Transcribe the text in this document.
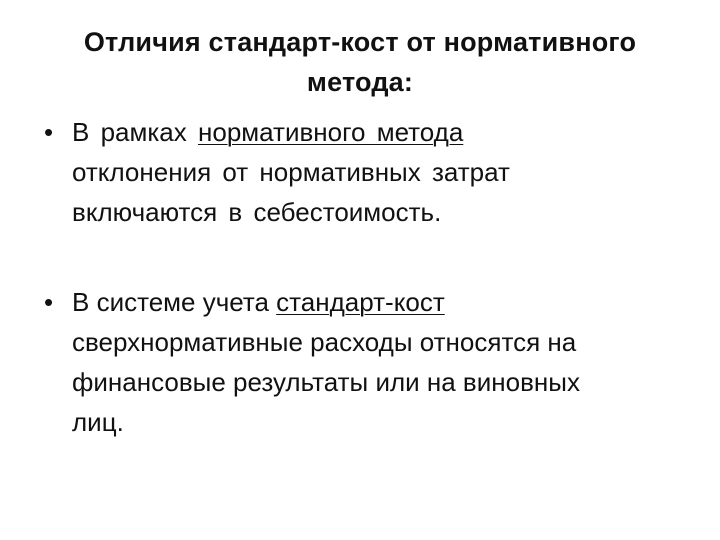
Отличия стандарт-кост от нормативного
метода:
• В рамках нормативного метода
отклонения от нормативных затрат
включаются в себестоимость.
• В системе учета стандарт-кост
сверхнормативные расходы относятся на
финансовые результаты или на виновных
лиц.
